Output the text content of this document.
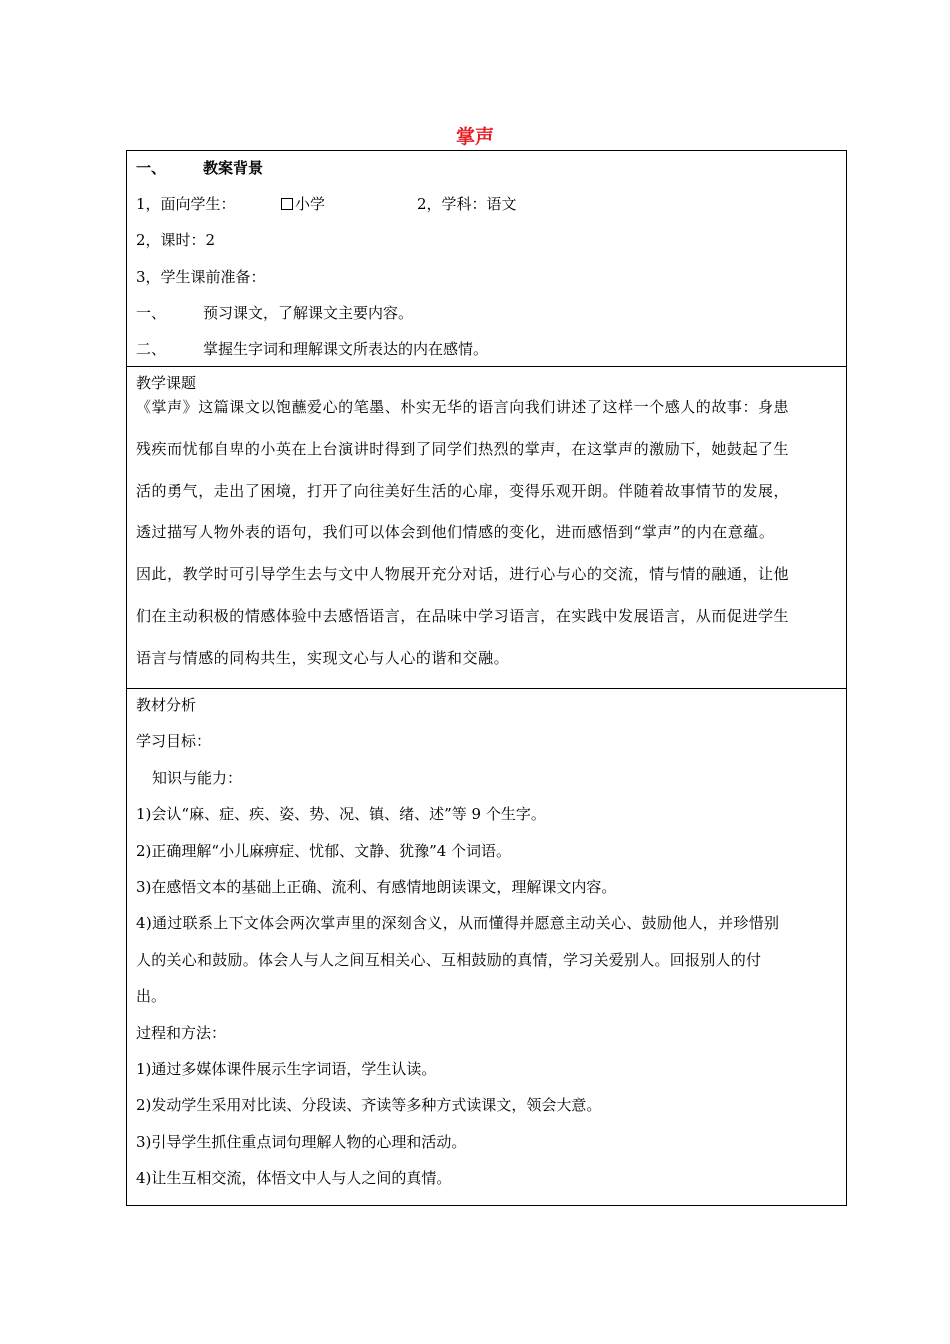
掌声
一、 教案背景
1，面向学生：	小学	2，学科：语文
2，课时：2
3，学生课前准备：
一、 预习课文，了解课文主要内容。
二、 掌握生字词和理解课文所表达的内在感情。
教学课题
《掌声》这篇课文以饱蘸爱心的笔墨、朴实无华的语言向我们讲述了这样一个感人的故事：身患
残疾而忧郁自卑的小英在上台演讲时得到了同学们热烈的掌声，在这掌声的激励下，她鼓起了生
活的勇气，走出了困境，打开了向往美好生活的心扉，变得乐观开朗。伴随着故事情节的发展，
透过描写人物外表的语句，我们可以体会到他们情感的变化，进而感悟到“掌声”的内在意蕴。
因此，教学时可引导学生去与文中人物展开充分对话，进行心与心的交流，情与情的融通，让他
们在主动积极的情感体验中去感悟语言，在品味中学习语言，在实践中发展语言，从而促进学生
语言与情感的同构共生，实现文心与人心的谐和交融。
教材分析
学习目标：
知识与能力：
1)会认“麻、症、疾、姿、势、况、镇、绪、述”等 9 个生字。
2)正确理解“小儿麻痹症、忧郁、文静、犹豫”4 个词语。
3)在感悟文本的基础上正确、流利、有感情地朗读课文，理解课文内容。
4)通过联系上下文体会两次掌声里的深刻含义，从而懂得并愿意主动关心、鼓励他人，并珍惜别
人的关心和鼓励。体会人与人之间互相关心、互相鼓励的真情，学习关爱别人。回报别人的付
出。
过程和方法：
1)通过多媒体课件展示生字词语，学生认读。
2)发动学生采用对比读、分段读、齐读等多种方式读课文，领会大意。
3)引导学生抓住重点词句理解人物的心理和活动。
4)让生互相交流，体悟文中人与人之间的真情。
